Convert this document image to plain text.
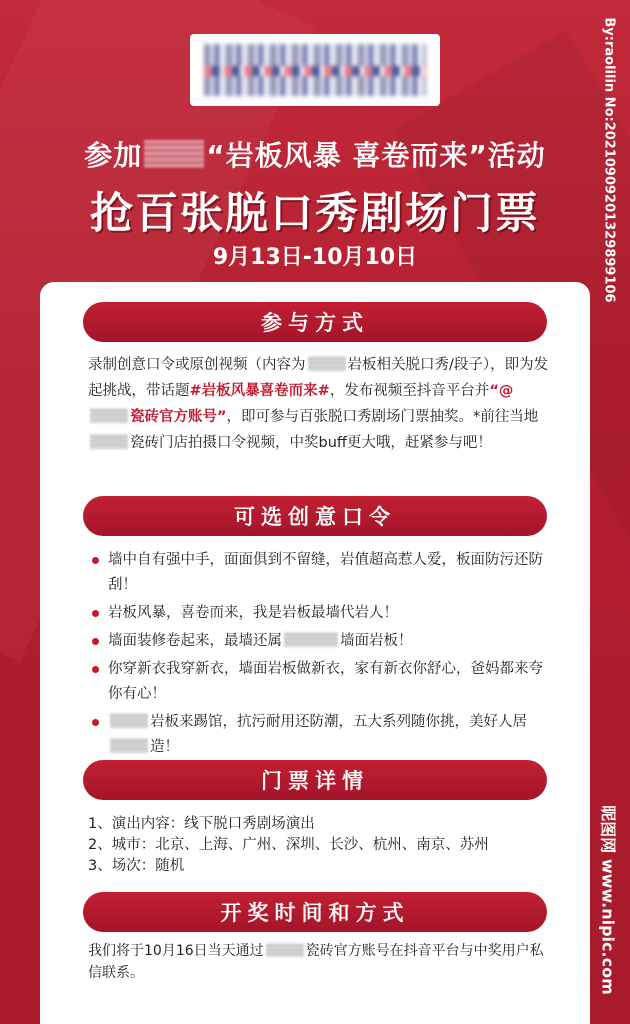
参加 “岩板风暴 喜卷而来”活动
抢百张脱口秀剧场门票
9月13日-10月10日	By:raolilin No:20210909201329899106
昵图网 www.nipic.com
参与方式
录制创意口令或原创视频（内容为	岩板相关脱口秀/段子），即为发起挑战，带话题#岩板风暴喜卷而来#，发布视频至抖音平台并“@瓷砖官方账号”，即可参与百张脱口秀剧场门票抽奖。*前往当地瓷砖门店拍摄口令视频，中奖buff更大哦，赶紧参与吧！
可选创意口令
墙中自有强中手，面面俱到不留缝，岩值超高惹人爱，板面防污还防刮！
岩板风暴，喜卷而来，我是岩板最墙代岩人！
墙面装修卷起来，最墙还属	墙面岩板！
你穿新衣我穿新衣，墙面岩板做新衣，家有新衣你舒心，爸妈都来夸你有心！
岩板来踢馆，抗污耐用还防潮，五大系列随你挑，美好人居造！
门票详情
1、演出内容：线下脱口秀剧场演出
2、城市：北京、上海、广州、深圳、长沙、杭州、南京、苏州
3、场次：随机
开奖时间和方式
我们将于10月16日当天通过	瓷砖官方账号在抖音平台与中奖用户私信联系。
